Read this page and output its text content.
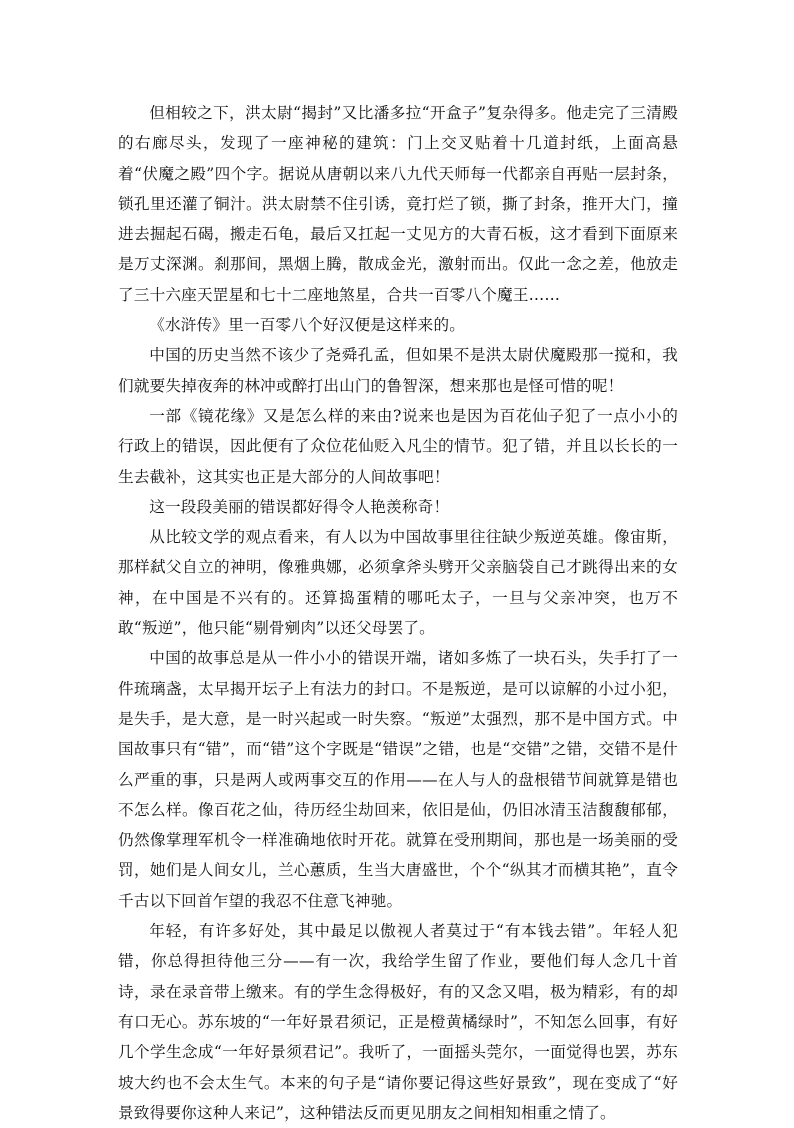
但相较之下，洪太尉“揭封”又比潘多拉“开盒子”复杂得多。他走完了三清殿的右廊尽头，发现了一座神秘的建筑：门上交叉贴着十几道封纸，上面高悬着“伏魔之殿”四个字。据说从唐朝以来八九代天师每一代都亲自再贴一层封条，锁孔里还灌了铜汁。洪太尉禁不住引诱，竟打烂了锁，撕了封条，推开大门，撞进去掘起石碣，搬走石龟，最后又扛起一丈见方的大青石板，这才看到下面原来是万丈深渊。刹那间，黑烟上腾，散成金光，激射而出。仅此一念之差，他放走了三十六座天罡星和七十二座地煞星，合共一百零八个魔王……

《水浒传》里一百零八个好汉便是这样来的。

中国的历史当然不该少了尧舜孔孟，但如果不是洪太尉伏魔殿那一搅和，我们就要失掉夜奔的林冲或醉打出山门的鲁智深，想来那也是怪可惜的呢！

一部《镜花缘》又是怎么样的来由?说来也是因为百花仙子犯了一点小小的行政上的错误，因此便有了众位花仙贬入凡尘的情节。犯了错，并且以长长的一生去截补，这其实也正是大部分的人间故事吧！

这一段段美丽的错误都好得令人艳羡称奇！

从比较文学的观点看来，有人以为中国故事里往往缺少叛逆英雄。像宙斯，那样弑父自立的神明，像雅典娜，必须拿斧头劈开父亲脑袋自己才跳得出来的女神，在中国是不兴有的。还算捣蛋精的哪吒太子，一旦与父亲冲突，也万不敢“叛逆”，他只能“剔骨剜肉”以还父母罢了。

中国的故事总是从一件小小的错误开端，诸如多炼了一块石头，失手打了一件琉璃盏，太早揭开坛子上有法力的封口。不是叛逆，是可以谅解的小过小犯，是失手，是大意，是一时兴起或一时失察。“叛逆”太强烈，那不是中国方式。中国故事只有“错”，而“错”这个字既是“错误”之错，也是“交错”之错，交错不是什么严重的事，只是两人或两事交互的作用——在人与人的盘根错节间就算是错也不怎么样。像百花之仙，待历经尘劫回来，依旧是仙，仍旧冰清玉洁馥馥郁郁，仍然像掌理军机令一样准确地依时开花。就算在受刑期间，那也是一场美丽的受罚，她们是人间女儿，兰心蕙质，生当大唐盛世，个个“纵其才而横其艳”，直令千古以下回首乍望的我忍不住意飞神驰。

年轻，有许多好处，其中最足以傲视人者莫过于“有本钱去错”。年轻人犯错，你总得担待他三分——有一次，我给学生留了作业，要他们每人念几十首诗，录在录音带上缴来。有的学生念得极好，有的又念又唱，极为精彩，有的却有口无心。苏东坡的“一年好景君须记，正是橙黄橘绿时”，不知怎么回事，有好几个学生念成“一年好景须君记”。我听了，一面摇头莞尔，一面觉得也罢，苏东坡大约也不会太生气。本来的句子是“请你要记得这些好景致”，现在变成了“好景致得要你这种人来记”，这种错法反而更见朋友之间相知相重之情了。
